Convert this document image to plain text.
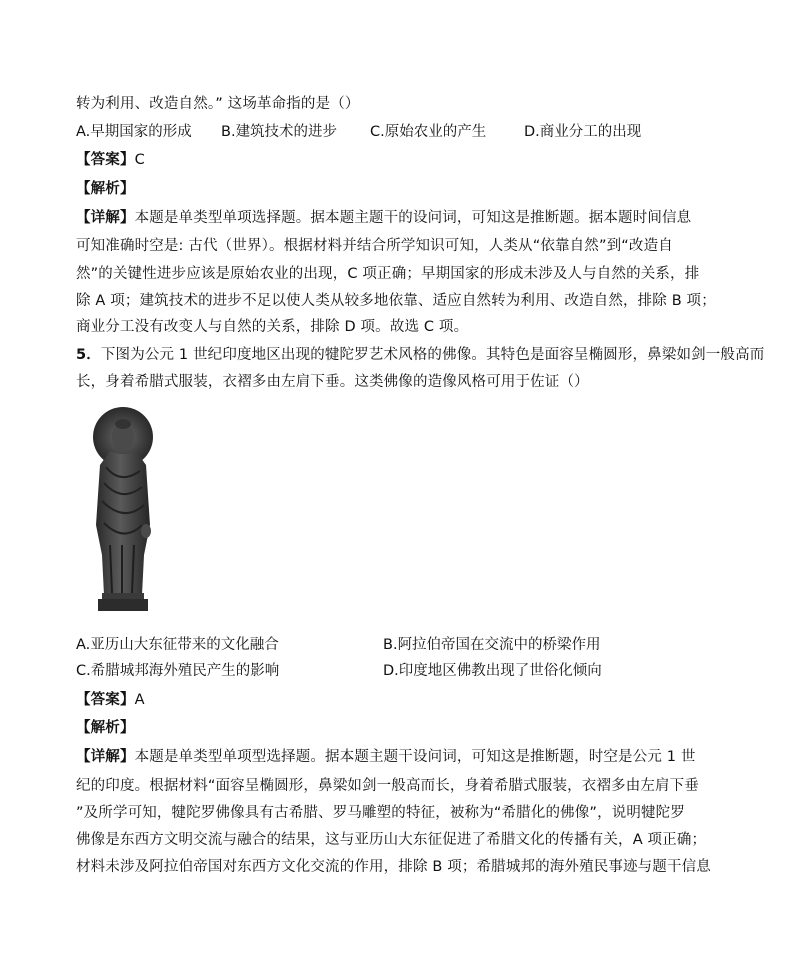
转为利用、改造自然。” 这场革命指的是（）
A.早期国家的形成 B.建筑技术的进步 C.原始农业的产生	D.商业分工的出现
【答案】C
【解析】
【详解】本题是单类型单项选择题。据本题主题干的设问词，可知这是推断题。据本题时间信息
可知准确时空是: 古代（世界）。根据材料并结合所学知识可知，人类从“依靠自然”到“改造自
然”的关键性进步应该是原始农业的出现，C 项正确；早期国家的形成未涉及人与自然的关系，排
除 A 项；建筑技术的进步不足以使人类从较多地依靠、适应自然转为利用、改造自然，排除 B 项；
商业分工没有改变人与自然的关系，排除 D 项。故选 C 项。
5．下图为公元 1 世纪印度地区出现的犍陀罗艺术风格的佛像。其特色是面容呈椭圆形，鼻梁如剑一般高而
长，身着希腊式服装，衣褶多由左肩下垂。这类佛像的造像风格可用于佐证（）
A.亚历山大东征带来的文化融合	B.阿拉伯帝国在交流中的桥梁作用
C.希腊城邦海外殖民产生的影响	D.印度地区佛教出现了世俗化倾向
【答案】A
【解析】
【详解】本题是单类型单项型选择题。据本题主题干设问词，可知这是推断题，时空是公元 1 世
纪的印度。根据材料“面容呈椭圆形，鼻梁如剑一般高而长，身着希腊式服装，衣褶多由左肩下垂
”及所学可知，犍陀罗佛像具有古希腊、罗马雕塑的特征，被称为“希腊化的佛像”，说明犍陀罗
佛像是东西方文明交流与融合的结果，这与亚历山大东征促进了希腊文化的传播有关，A 项正确；
材料未涉及阿拉伯帝国对东西方文化交流的作用，排除 B 项；希腊城邦的海外殖民事迹与题干信息
